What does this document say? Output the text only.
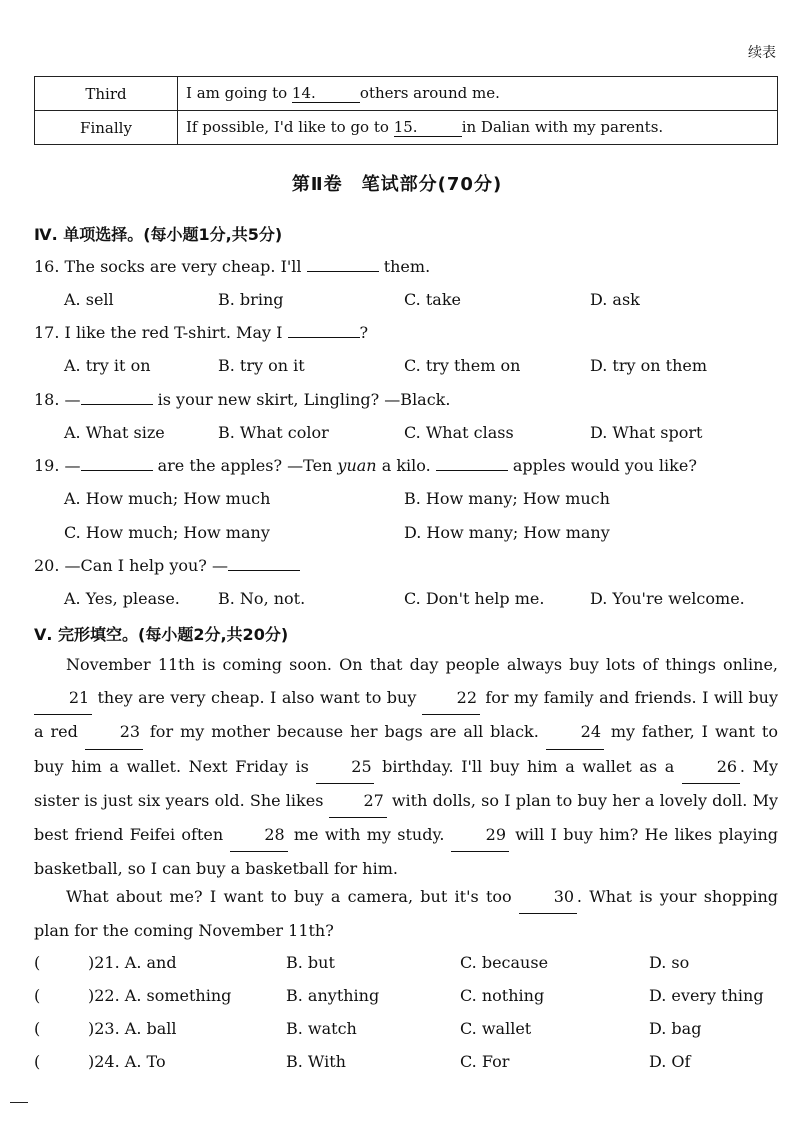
续表
Third	I am going to 14. others around me.
Finally	If possible, I'd like to go to 15. in Dalian with my parents.
第Ⅱ卷　笔试部分(70分)
Ⅳ. 单项选择。(每小题1分,共5分)
16. The socks are very cheap. I'll	them.
A. sell	B. bring	C. take	D. ask
17. I like the red T-shirt. May I	?
A. try it on	B. try on it	C. try them on	D. try on them
18. —	is your new skirt, Lingling? —Black.
A. What size	B. What color	C. What class	D. What sport
19. —	are the apples? —Ten yuan a kilo.	apples would you like?
A. How much; How much	B. How many; How much
C. How much; How many	D. How many; How many
20. —Can I help you? —
A. Yes, please. B. No, not.	C. Don't help me.	D. You're welcome.
Ⅴ. 完形填空。(每小题2分,共20分)

November 11th is coming soon. On that day people always buy lots of things online, 21 they are very cheap. I also want to buy 22 for my family and friends. I will buy a red 23 for my mother because her bags are all black. 24 my father, I want to buy him a wallet. Next Friday is 25 birthday. I'll buy him a wallet as a 26 . My sister is just six years old. She likes 27 with dolls, so I plan to buy her a lovely doll. My best friend Feifei often 28 me with my study. 29 will I buy him? He likes playing basketball, so I can buy a basketball for him.

What about me? I want to buy a camera, but it's too 30 . What is your shopping plan for the coming November 11th?

(	)21. A. and	B. but	C. because	D. so
(	)22. A. something	B. anything	C. nothing	D. every thing
(	)23. A. ball	B. watch	C. wallet	D. bag
(	)24. A. To	B. With	C. For	D. Of
